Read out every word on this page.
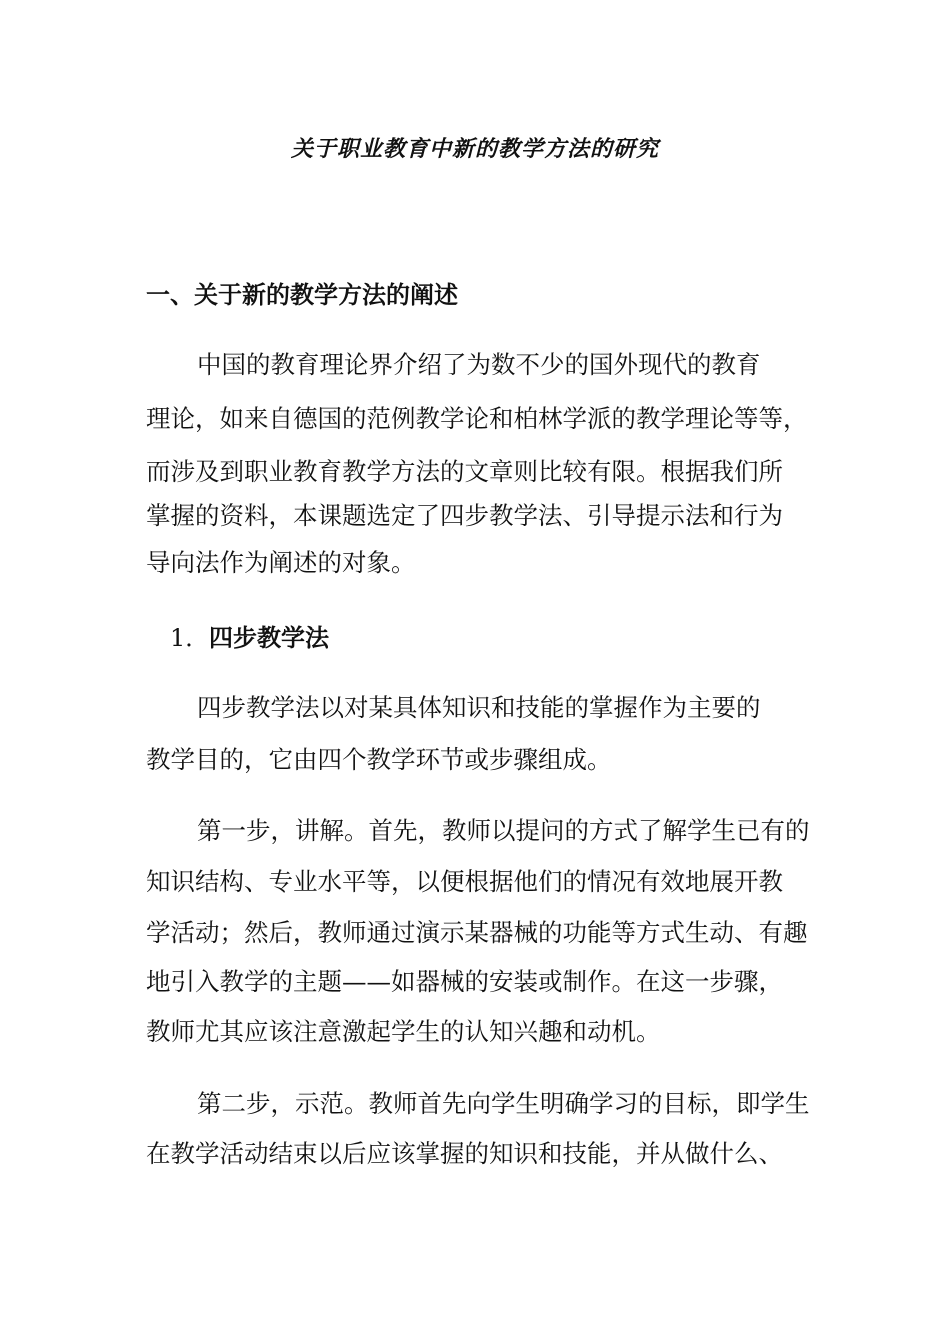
关于职业教育中新的教学方法的研究
一、关于新的教学方法的阐述
中国的教育理论界介绍了为数不少的国外现代的教育
理论，如来自德国的范例教学论和柏林学派的教学理论等等，
而涉及到职业教育教学方法的文章则比较有限。根据我们所
掌握的资料，本课题选定了四步教学法、引导提示法和行为
导向法作为阐述的对象。
1． 四步教学法
四步教学法以对某具体知识和技能的掌握作为主要的
教学目的，它由四个教学环节或步骤组成。
第一步，讲解。首先，教师以提问的方式了解学生已有的
知识结构、专业水平等，以便根据他们的情况有效地展开教
学活动；然后，教师通过演示某器械的功能等方式生动、有趣
地引入教学的主题——如器械的安装或制作。在这一步骤，
教师尤其应该注意激起学生的认知兴趣和动机。
第二步，示范。教师首先向学生明确学习的目标，即学生
在教学活动结束以后应该掌握的知识和技能，并从做什么、
